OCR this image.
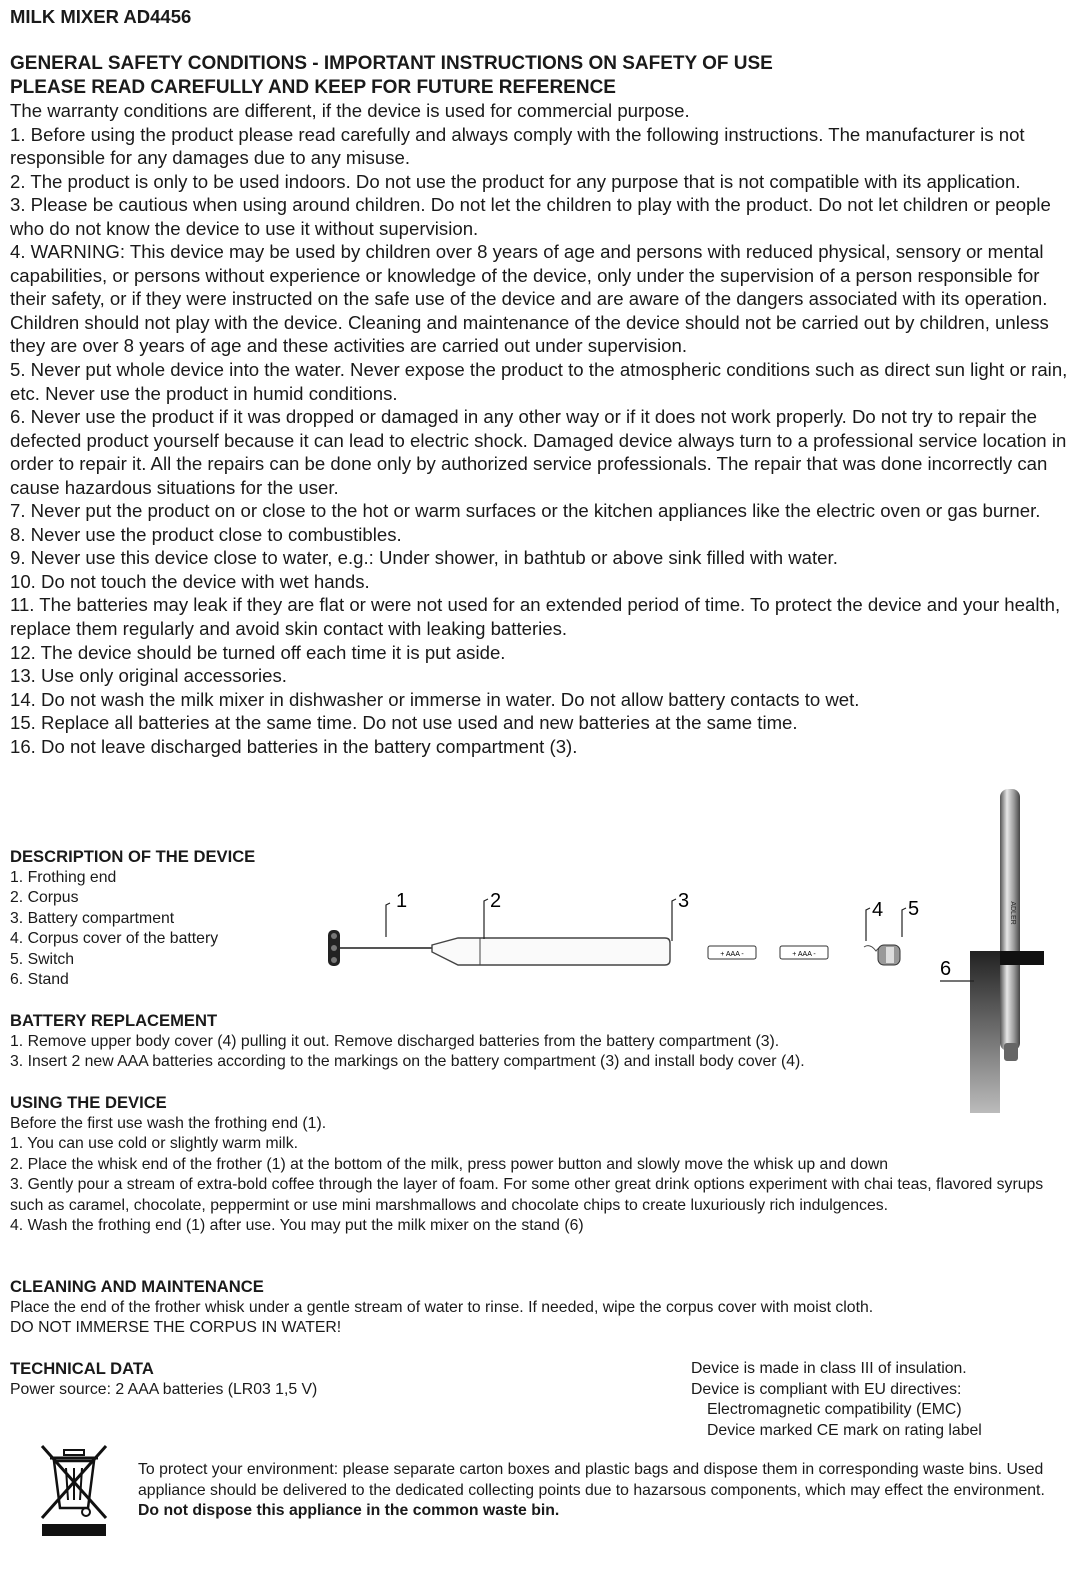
MILK MIXER AD4456
GENERAL SAFETY CONDITIONS - IMPORTANT INSTRUCTIONS ON SAFETY OF USE
PLEASE READ CAREFULLY AND KEEP FOR FUTURE REFERENCE

The warranty conditions are different, if the device is used for commercial purpose.

1. Before using the product please read carefully and always comply with the following instructions. The manufacturer is not responsible for any damages due to any misuse.

2. The product is only to be used indoors. Do not use the product for any purpose that is not compatible with its application.

3. Please be cautious when using around children. Do not let the children to play with the product. Do not let children or people who do not know the device to use it without supervision.

4. WARNING: This device may be used by children over 8 years of age and persons with reduced physical, sensory or mental capabilities, or persons without experience or knowledge of the device, only under the supervision of a person responsible for their safety, or if they were instructed on the safe use of the device and are aware of the dangers associated with its operation. Children should not play with the device. Cleaning and maintenance of the device should not be carried out by children, unless they are over 8 years of age and these activities are carried out under supervision.

5. Never put whole device into the water. Never expose the product to the atmospheric conditions such as direct sun light or rain, etc. Never use the product in humid conditions.

6. Never use the product if it was dropped or damaged in any other way or if it does not work properly. Do not try to repair the defected product yourself because it can lead to electric shock. Damaged device always turn to a professional service location in order to repair it. All the repairs can be done only by authorized service professionals. The repair that was done incorrectly can cause hazardous situations for the user.

7. Never put the product on or close to the hot or warm surfaces or the kitchen appliances like the electric oven or gas burner.

8. Never use the product close to combustibles.

9. Never use this device close to water, e.g.: Under shower, in bathtub or above sink filled with water.

10. Do not touch the device with wet hands.

11. The batteries may leak if they are flat or were not used for an extended period of time. To protect the device and your health, replace them regularly and avoid skin contact with leaking batteries.

12. The device should be turned off each time it is put aside.

13. Use only original accessories.

14. Do not wash the milk mixer in dishwasher or immerse in water. Do not allow battery contacts to wet.

15. Replace all batteries at the same time. Do not use used and new batteries at the same time.

16. Do not leave discharged batteries in the battery compartment (3).

DESCRIPTION OF THE DEVICE

1. Frothing end

2. Corpus

3. Battery compartment

4. Corpus cover of the battery

5. Switch

6. Stand

+ AAA -	+ AAA -
1	2	3	4 5	ADLER
6
BATTERY REPLACEMENT

1. Remove upper body cover (4) pulling it out. Remove discharged batteries from the battery compartment (3).

3. Insert 2 new AAA batteries according to the markings on the battery compartment (3) and install body cover (4).

USING THE DEVICE

Before the first use wash the frothing end (1).

1. You can use cold or slightly warm milk.

2. Place the whisk end of the frother (1) at the bottom of the milk, press power button and slowly move the whisk up and down

3. Gently pour a stream of extra-bold coffee through the layer of foam. For some other great drink options experiment with chai teas, flavored syrups such as caramel, chocolate, peppermint or use mini marshmallows and chocolate chips to create luxuriously rich indulgences.

4. Wash the frothing end (1) after use. You may put the milk mixer on the stand (6)

CLEANING AND MAINTENANCE

Place the end of the frother whisk under a gentle stream of water to rinse. If needed, wipe the corpus cover with moist cloth.

DO NOT IMMERSE THE CORPUS IN WATER!

TECHNICAL DATA

Power source: 2 AAA batteries (LR03 1,5 V)

Device is made in class III of insulation.

Device is compliant with EU directives:

Electromagnetic compatibility (EMC)

Device marked CE mark on rating label

To protect your environment: please separate carton boxes and plastic bags and dispose them in corresponding waste bins. Used appliance should be delivered to the dedicated collecting points due to hazarsous components, which may effect the environment. Do not dispose this appliance in the common waste bin.
